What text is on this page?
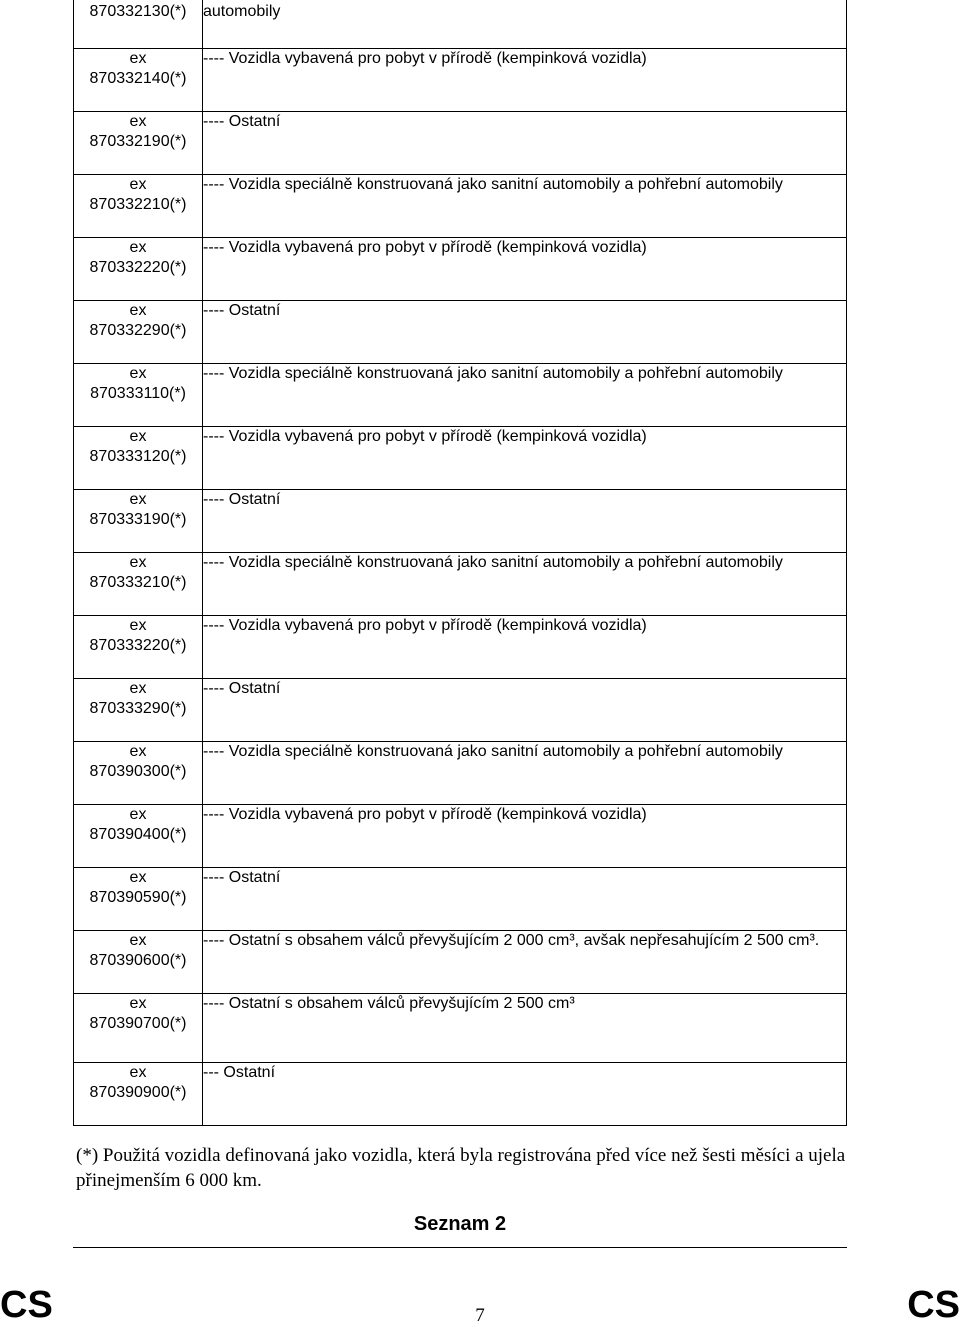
870332130(*)	automobily

ex
870332140(*)	---- Vozidla vybavená pro pobyt v přírodě (kempinková vozidla)

ex
870332190(*)	---- Ostatní

ex
870332210(*)	---- Vozidla speciálně konstruovaná jako sanitní automobily a pohřební automobily

ex
870332220(*)	---- Vozidla vybavená pro pobyt v přírodě (kempinková vozidla)

ex
870332290(*)	---- Ostatní

ex
870333110(*)	---- Vozidla speciálně konstruovaná jako sanitní automobily a pohřební automobily

ex
870333120(*)	---- Vozidla vybavená pro pobyt v přírodě (kempinková vozidla)

ex
870333190(*)	---- Ostatní

ex
870333210(*)	---- Vozidla speciálně konstruovaná jako sanitní automobily a pohřební automobily

ex
870333220(*)	---- Vozidla vybavená pro pobyt v přírodě (kempinková vozidla)

ex
870333290(*)	---- Ostatní

ex
870390300(*)	---- Vozidla speciálně konstruovaná jako sanitní automobily a pohřební automobily

ex
870390400(*)	---- Vozidla vybavená pro pobyt v přírodě (kempinková vozidla)

ex
870390590(*)	---- Ostatní

ex
870390600(*)	---- Ostatní s obsahem válců převyšujícím 2 000 cm³, avšak nepřesahujícím 2 500 cm³.

ex
870390700(*)	---- Ostatní s obsahem válců převyšujícím 2 500 cm³

ex
870390900(*)	--- Ostatní

(*) Použitá vozidla definovaná jako vozidla, která byla registrována před více než šesti měsíci a ujela přinejmenším 6 000 km.

Seznam 2
CS	7	CS
